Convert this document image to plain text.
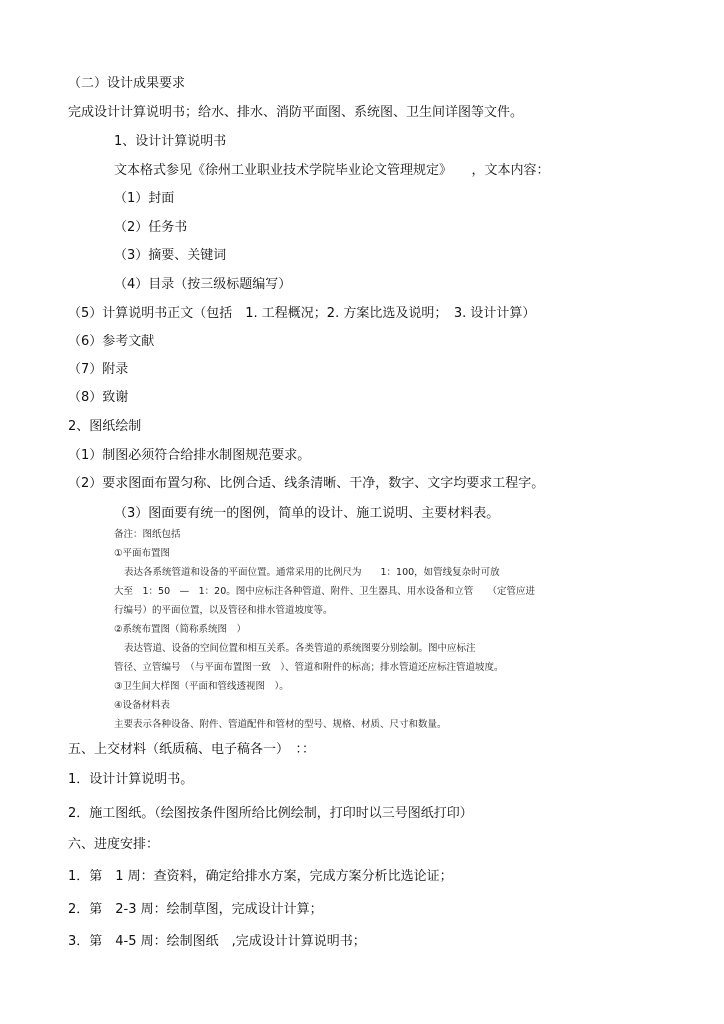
（二）设计成果要求
完成设计计算说明书；给水、排水、消防平面图、系统图、卫生间详图等文件。
1、设计计算说明书
文本格式参见《徐州工业职业技术学院毕业论文管理规定》　　，文本内容：
（1）封面
（2）任务书
（3）摘要、关键词
（4）目录（按三级标题编写）
（5）计算说明书正文（包括　1. 工程概况；2. 方案比选及说明；　3. 设计计算）
（6）参考文献
（7）附录
（8）致谢
2、图纸绘制
（1）制图必须符合给排水制图规范要求。
（2）要求图面布置匀称、比例合适、线条清晰、干净，数字、文字均要求工程字。
（3）图面要有统一的图例，简单的设计、施工说明、主要材料表。
备注：图纸包括
①平面布置图
表达各系统管道和设备的平面位置。通常采用的比例尺为　　1：100，如管线复杂时可放
大至　1：50　—　1：20。图中应标注各种管道、附件、卫生器具、用水设备和立管　　（定管应进
行编号）的平面位置，以及管径和排水管道坡度等。
②系统布置图（简称系统图　）
表达管道、设备的空间位置和相互关系。各类管道的系统图要分别绘制。图中应标注
管径、立管编号　（与平面布置图一致　）、管道和附件的标高；排水管道还应标注管道坡度。
③卫生间大样图（平面和管线透视图　）。
④设备材料表
主要表示各种设备、附件、管道配件和管材的型号、规格、材质、尺寸和数量。
五、上交材料（纸质稿、电子稿各一）　：：
1．设计计算说明书。
2．施工图纸。（绘图按条件图所给比例绘制，打印时以三号图纸打印）
六、进度安排：
1．第　1 周：查资料，确定给排水方案，完成方案分析比选论证；
2．第　2-3 周：绘制草图，完成设计计算；
3．第　4-5 周：绘制图纸　,完成设计计算说明书；
